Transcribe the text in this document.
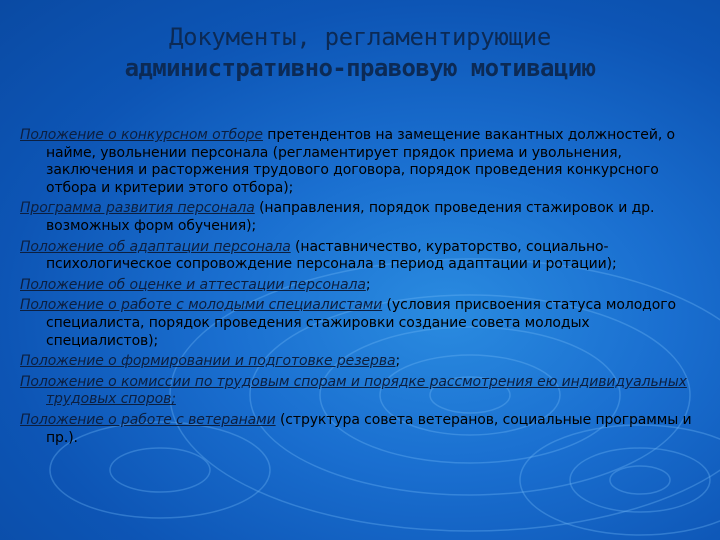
Документы, регламентирующие
административно-правовую мотивацию
Положение о конкурсном отборе претендентов на замещение вакантных должностей, о найме, увольнении персонала (регламентирует прядок приема и увольнения, заключения и расторжения трудового договора, порядок проведения конкурсного отбора и критерии этого отбора);
Программа развития персонала (направления, порядок проведения стажировок и др. возможных форм обучения);
Положение об адаптации персонала (наставничество, кураторство, социально-психологическое сопровождение персонала в период адаптации и ротации);
Положение об оценке и аттестации персонала;
Положение о работе с молодыми специалистами (условия присвоения статуса молодого специалиста, порядок проведения стажировки создание совета молодых специалистов);
Положение о формировании и подготовке резерва;
Положение о комиссии по трудовым спорам и порядке рассмотрения ею индивидуальных трудовых споров;
Положение о работе с ветеранами (структура совета ветеранов, социальные программы и пр.).
